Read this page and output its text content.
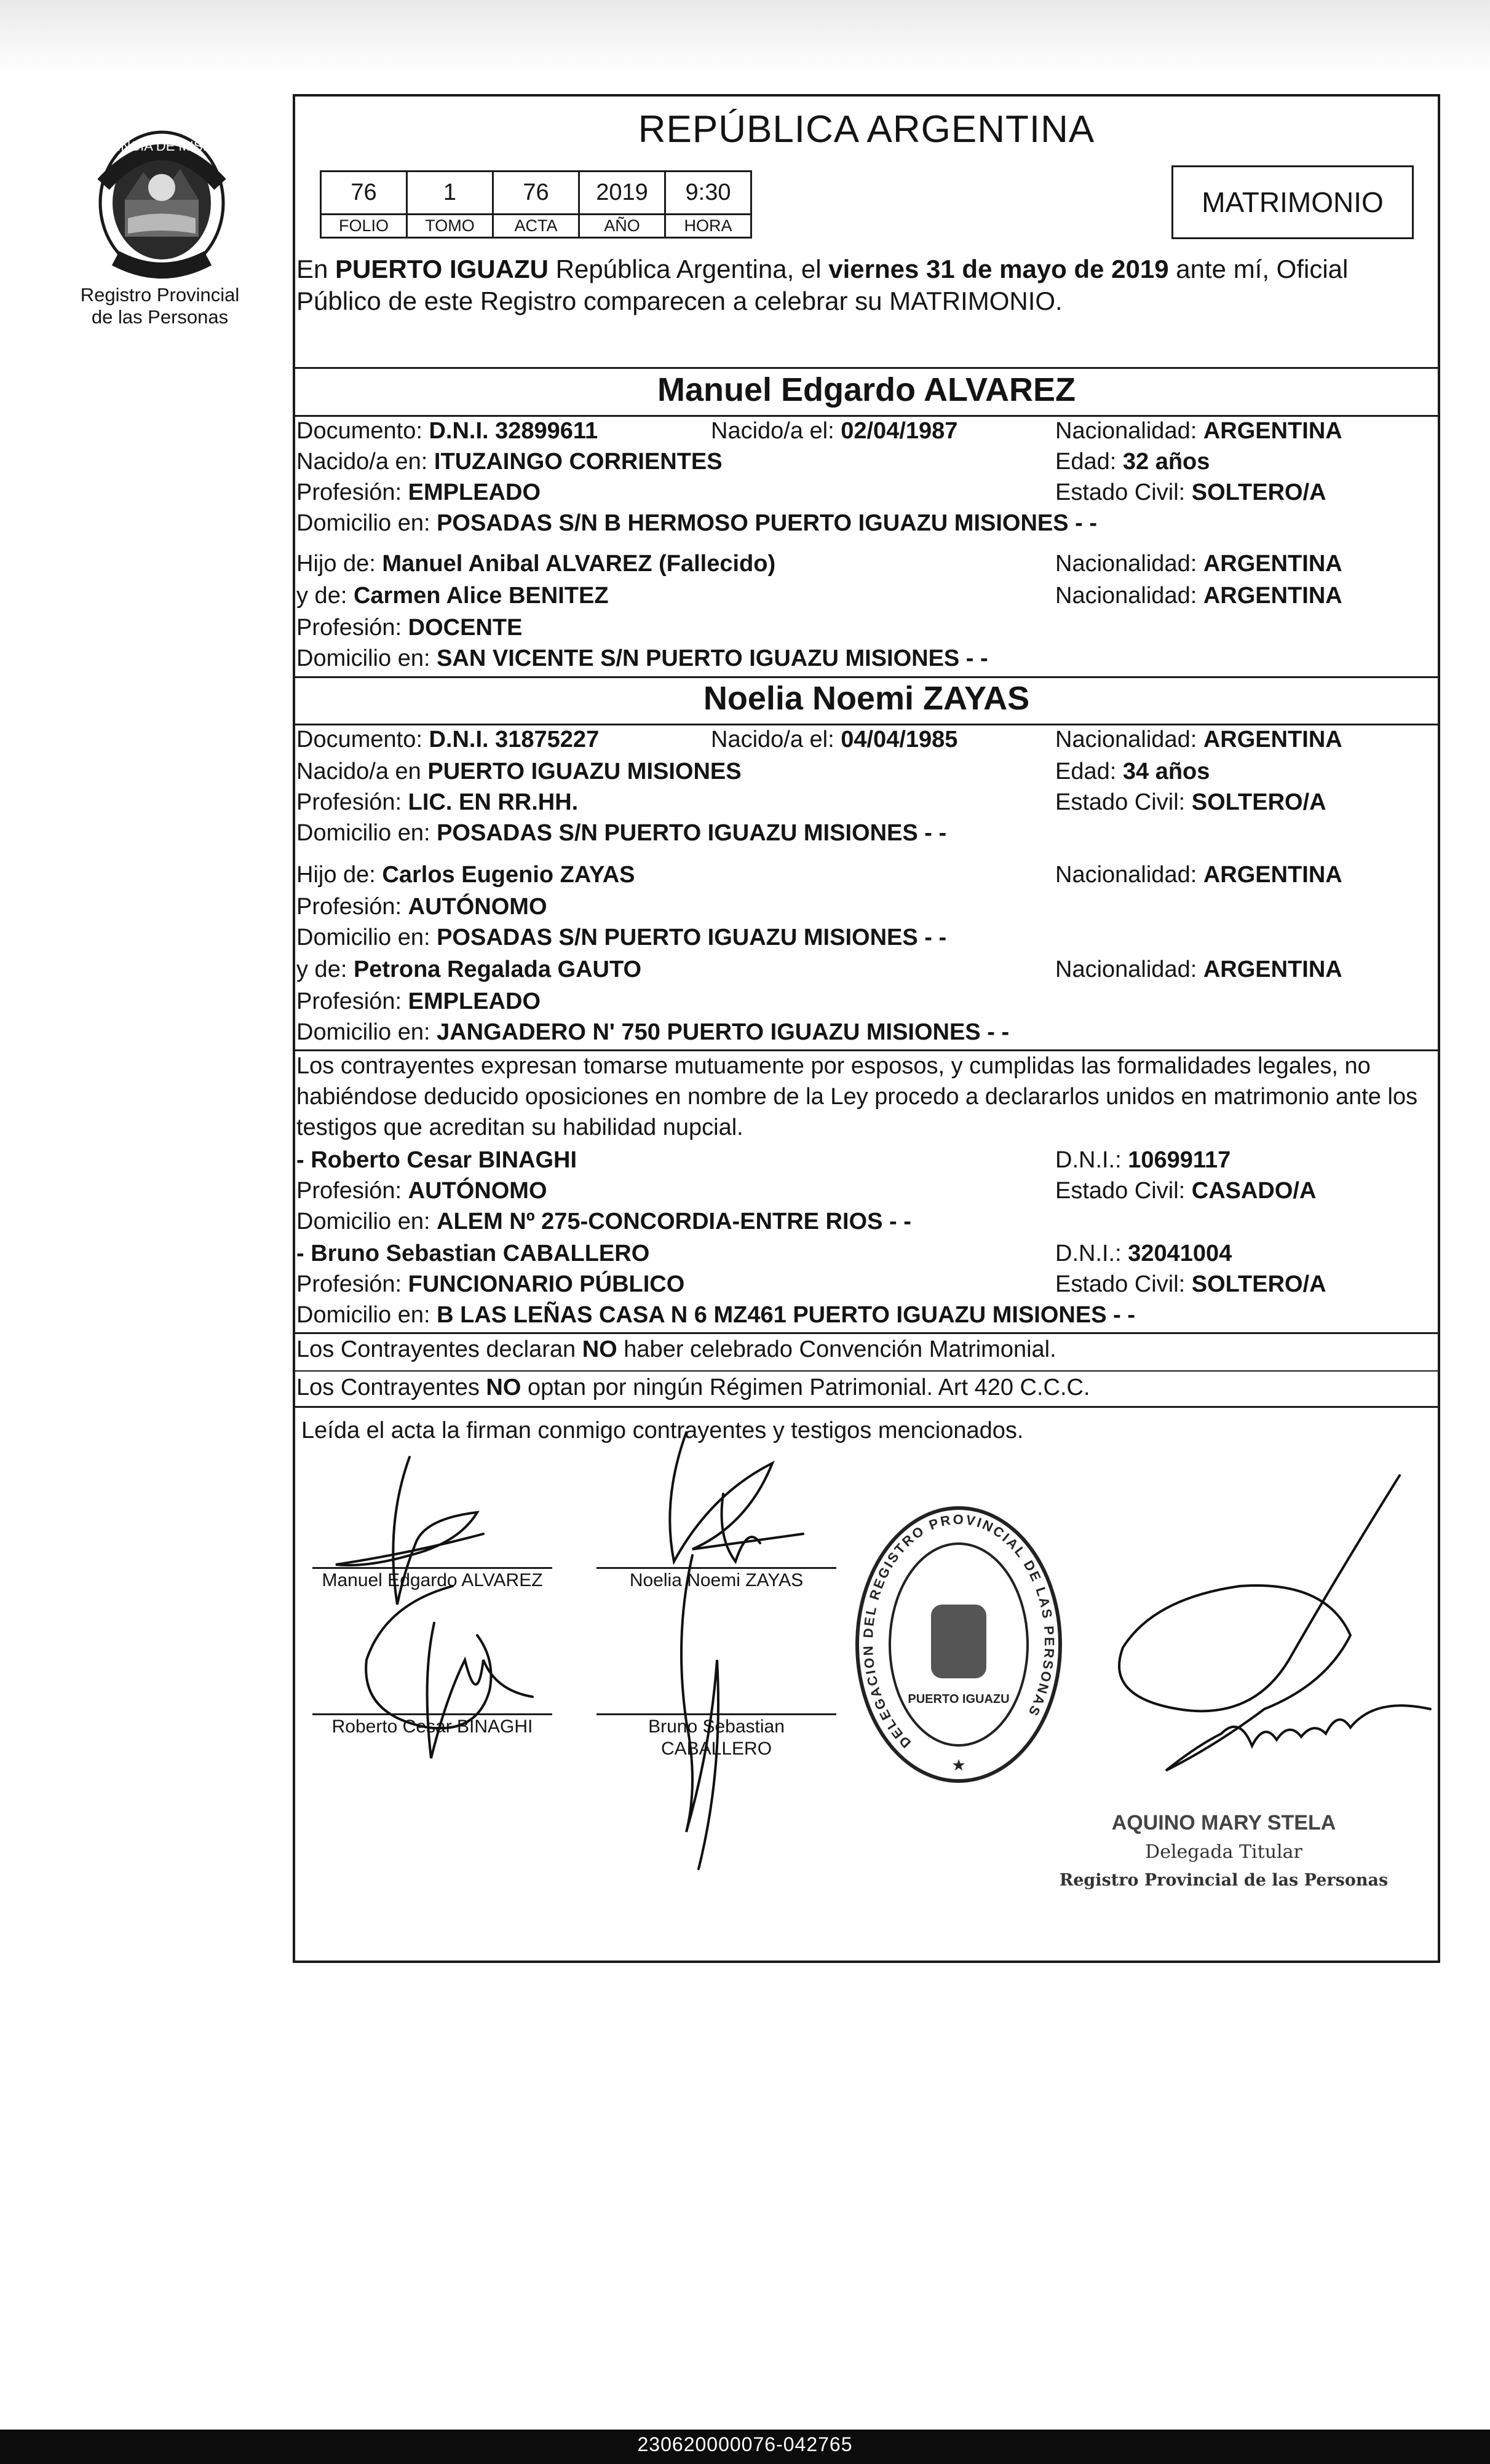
PROVINCIA DE MISIONES
Registro Provincial
de las Personas
REPÚBLICA ARGENTINA
76	1	76	2019	9:30
FOLIO	TOMO	ACTA	AÑO	HORA
MATRIMONIO
En PUERTO IGUAZU República Argentina, el viernes 31 de mayo de 2019 ante mí, Oficial Público de este Registro comparecen a celebrar su MATRIMONIO.
Manuel Edgardo ALVAREZ
Documento: D.N.I. 32899611	Nacido/a el: 02/04/1987	Nacionalidad: ARGENTINA
Nacido/a en: ITUZAINGO CORRIENTES	Edad: 32 años
Profesión: EMPLEADO	Estado Civil: SOLTERO/A
Domicilio en: POSADAS S/N B HERMOSO PUERTO IGUAZU MISIONES - -
Hijo de: Manuel Anibal ALVAREZ (Fallecido)	Nacionalidad: ARGENTINA
y de: Carmen Alice BENITEZ	Nacionalidad: ARGENTINA
Profesión: DOCENTE
Domicilio en: SAN VICENTE S/N PUERTO IGUAZU MISIONES - -
Noelia Noemi ZAYAS
Documento: D.N.I. 31875227	Nacido/a el: 04/04/1985	Nacionalidad: ARGENTINA
Nacido/a en PUERTO IGUAZU MISIONES	Edad: 34 años
Profesión: LIC. EN RR.HH.	Estado Civil: SOLTERO/A
Domicilio en: POSADAS S/N PUERTO IGUAZU MISIONES - -
Hijo de: Carlos Eugenio ZAYAS	Nacionalidad: ARGENTINA
Profesión: AUTÓNOMO
Domicilio en: POSADAS S/N PUERTO IGUAZU MISIONES - -
y de: Petrona Regalada GAUTO	Nacionalidad: ARGENTINA
Profesión: EMPLEADO
Domicilio en: JANGADERO N' 750 PUERTO IGUAZU MISIONES - -
Los contrayentes expresan tomarse mutuamente por esposos, y cumplidas las formalidades legales, no habiéndose deducido oposiciones en nombre de la Ley procedo a declararlos unidos en matrimonio ante los testigos que acreditan su habilidad nupcial.
- Roberto Cesar BINAGHI	D.N.I.: 10699117
Profesión: AUTÓNOMO	Estado Civil: CASADO/A
Domicilio en: ALEM Nº 275-CONCORDIA-ENTRE RIOS - -
- Bruno Sebastian CABALLERO	D.N.I.: 32041004
Profesión: FUNCIONARIO PÚBLICO	Estado Civil: SOLTERO/A
Domicilio en: B LAS LEÑAS CASA N 6 MZ461 PUERTO IGUAZU MISIONES - -
Los Contrayentes declaran NO haber celebrado Convención Matrimonial.
Los Contrayentes NO optan por ningún Régimen Patrimonial. Art 420 C.C.C.
Leída el acta la firman conmigo contrayentes y testigos mencionados.
Manuel Edgardo ALVAREZ	Noelia Noemi ZAYAS
Roberto Cesar BINAGHI	Bruno Sebastian
CABALLERO
AQUINO MARY STELA
Delegada Titular
Registro Provincial de las Personas
DELEGACION DEL REGISTRO PROVINCIAL DE LAS PERSONAS
PUERTO IGUAZU
★
230620000076-042765
